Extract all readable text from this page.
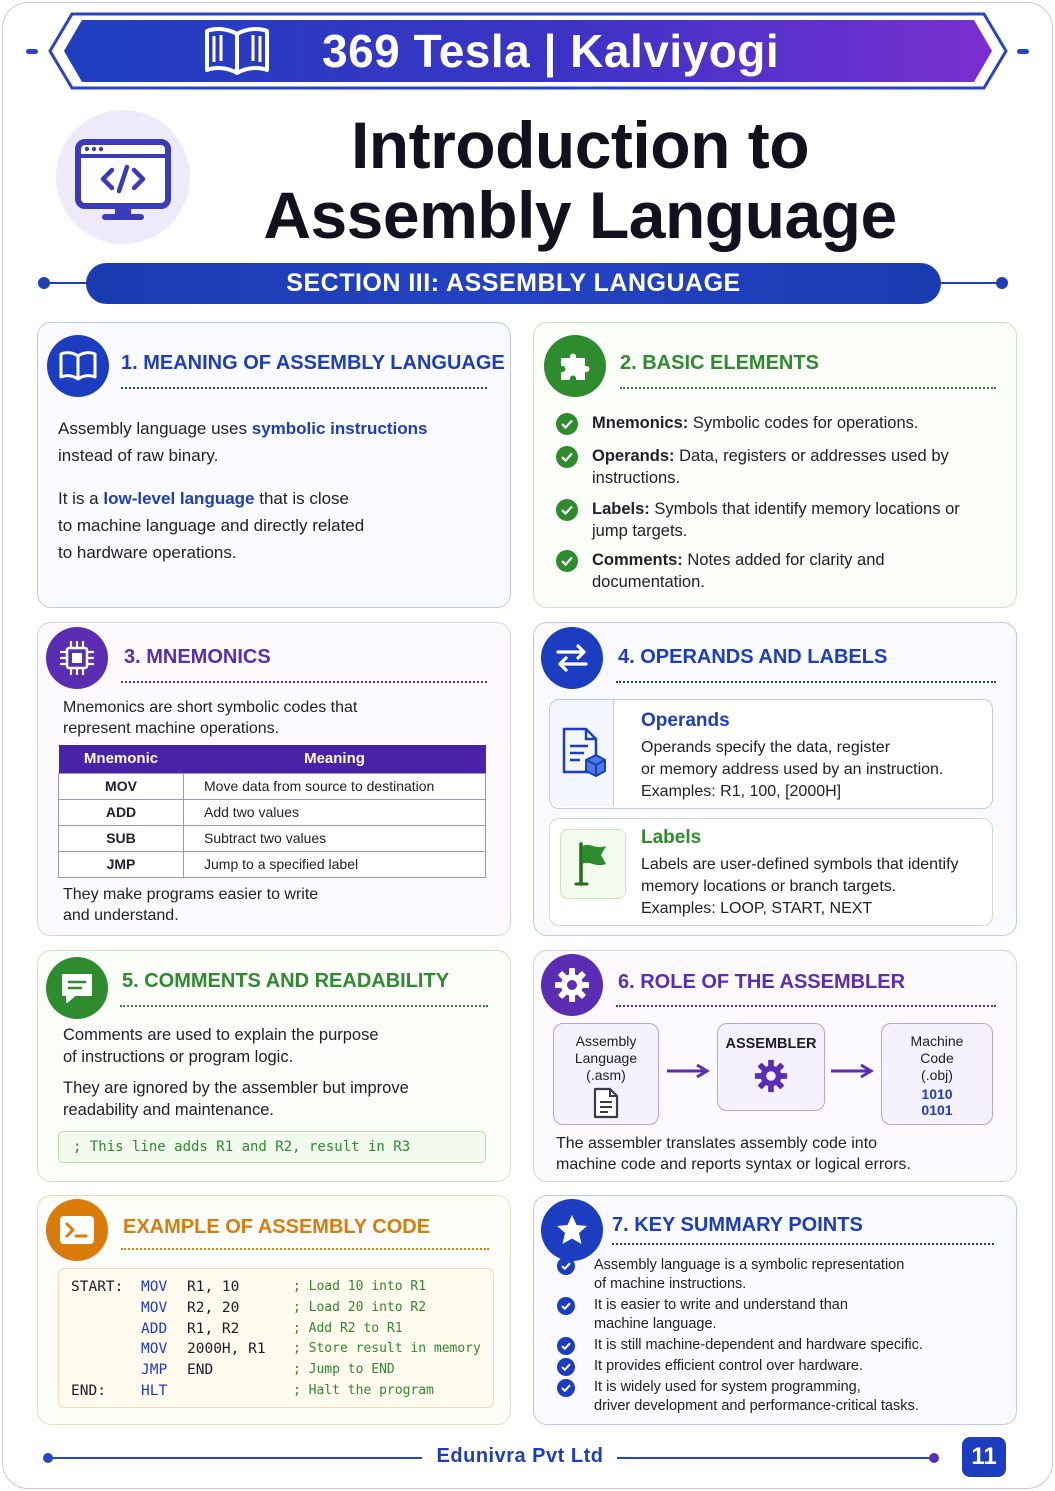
369 Tesla | Kalviyogi
Introduction to
Assembly Language
SECTION III: ASSEMBLY LANGUAGE
1. MEANING OF ASSEMBLY LANGUAGE
Assembly language uses symbolic instructions
instead of raw binary.
It is a low-level language that is close
to machine language and directly related
to hardware operations.
2. BASIC ELEMENTS
Mnemonics: Symbolic codes for operations.
Operands: Data, registers or addresses used by instructions.
Labels: Symbols that identify memory locations or jump targets.
Comments: Notes added for clarity and documentation.
3. MNEMONICS
Mnemonics are short symbolic codes that
represent machine operations.
Mnemonic	Meaning
MOV	Move data from source to destination
ADD	Add two values
SUB	Subtract two values
JMP	Jump to a specified label
They make programs easier to write
and understand.
4. OPERANDS AND LABELS
Operands
Operands specify the data, register
or memory address used by an instruction.
Examples: R1, 100, [2000H]
Labels
Labels are user-defined symbols that identify
memory locations or branch targets.
Examples: LOOP, START, NEXT
5. COMMENTS AND READABILITY
Comments are used to explain the purpose
of instructions or program logic.
They are ignored by the assembler but improve
readability and maintenance.
; This line adds R1 and R2, result in R3
6. ROLE OF THE ASSEMBLER
Assembly
Language
(.asm)
ASSEMBLER	Machine
Code
(.obj)
1010
0101
The assembler translates assembly code into
machine code and reports syntax or logical errors.
EXAMPLE OF ASSEMBLY CODE
START: MOV R1, 10	; Load 10 into R1
MOV R2, 20	; Load 20 into R2
ADD R1, R2	; Add R2 to R1
MOV 2000H, R1 ; Store result in memory
JMP END	; Jump to END
END: HLT	; Halt the program
7. KEY SUMMARY POINTS
Assembly language is a symbolic representation
of machine instructions.
It is easier to write and understand than
machine language.
It is still machine-dependent and hardware specific.
It provides efficient control over hardware.
It is widely used for system programming,
driver development and performance-critical tasks.
Edunivra Pvt Ltd	11
